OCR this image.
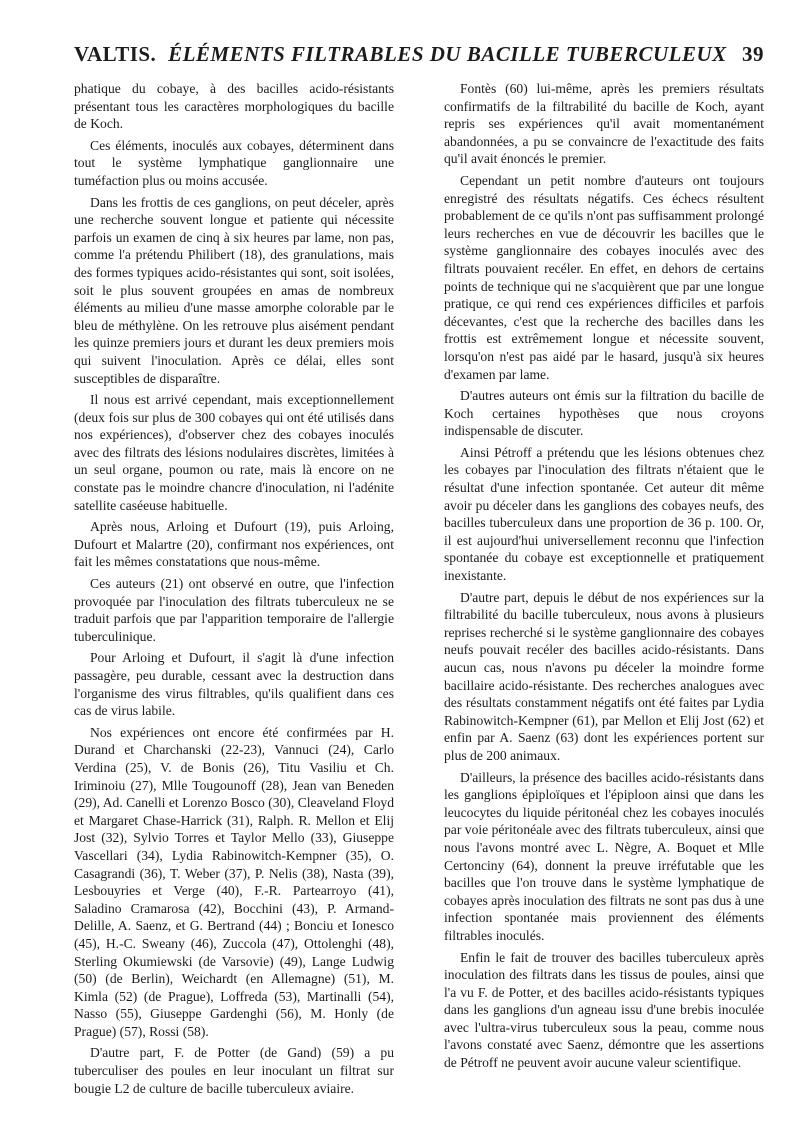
VALTIS. ÉLÉMENTS FILTRABLES DU BACILLE TUBERCULEUX 39

phatique du cobaye, à des bacilles acido-résistants présentant tous les caractères morphologiques du bacille de Koch.

Ces éléments, inoculés aux cobayes, déterminent dans tout le système lymphatique ganglionnaire une tuméfaction plus ou moins accusée.

Dans les frottis de ces ganglions, on peut déceler, après une recherche souvent longue et patiente qui nécessite parfois un examen de cinq à six heures par lame, non pas, comme l'a prétendu Philibert (18), des granulations, mais des formes typiques acido-résistantes qui sont, soit isolées, soit le plus souvent groupées en amas de nombreux éléments au milieu d'une masse amorphe colorable par le bleu de méthylène. On les retrouve plus aisément pendant les quinze premiers jours et durant les deux premiers mois qui suivent l'inoculation. Après ce délai, elles sont susceptibles de disparaître.

Il nous est arrivé cependant, mais exceptionnellement (deux fois sur plus de 300 cobayes qui ont été utilisés dans nos expériences), d'observer chez des cobayes inoculés avec des filtrats des lésions nodulaires discrètes, limitées à un seul organe, poumon ou rate, mais là encore on ne constate pas le moindre chancre d'inoculation, ni l'adénite satellite caséeuse habituelle.

Après nous, Arloing et Dufourt (19), puis Arloing, Dufourt et Malartre (20), confirmant nos expériences, ont fait les mêmes constatations que nous-même.

Ces auteurs (21) ont observé en outre, que l'infection provoquée par l'inoculation des filtrats tuberculeux ne se traduit parfois que par l'apparition temporaire de l'allergie tuberculinique.

Pour Arloing et Dufourt, il s'agit là d'une infection passagère, peu durable, cessant avec la destruction dans l'organisme des virus filtrables, qu'ils qualifient dans ces cas de virus labile.

Nos expériences ont encore été confirmées par H. Durand et Charchanski (22-23), Vannuci (24), Carlo Verdina (25), V. de Bonis (26), Titu Vasiliu et Ch. Iriminoiu (27), Mlle Tougounoff (28), Jean van Beneden (29), Ad. Canelli et Lorenzo Bosco (30), Cleaveland Floyd et Margaret Chase-Harrick (31), Ralph. R. Mellon et Elij Jost (32), Sylvio Torres et Taylor Mello (33), Giuseppe Vascellari (34), Lydia Rabinowitch-Kempner (35), O. Casagrandi (36), T. Weber (37), P. Nelis (38), Nasta (39), Lesbouyries et Verge (40), F.-R. Partearroyo (41), Saladino Cramarosa (42), Bocchini (43), P. Armand-Delille, A. Saenz, et G. Bertrand (44) ; Bonciu et Ionesco (45), H.-C. Sweany (46), Zuccola (47), Ottolenghi (48), Sterling Okumiewski (de Varsovie) (49), Lange Ludwig (50) (de Berlin), Weichardt (en Allemagne) (51), M. Kimla (52) (de Prague), Loffreda (53), Martinalli (54), Nasso (55), Giuseppe Gardenghi (56), M. Honly (de Prague) (57), Rossi (58).

D'autre part, F. de Potter (de Gand) (59) a pu tuberculiser des poules en leur inoculant un filtrat sur bougie L2 de culture de bacille tuberculeux aviaire.

Fontès (60) lui-même, après les premiers résultats confirmatifs de la filtrabilité du bacille de Koch, ayant repris ses expériences qu'il avait momentanément abandonnées, a pu se convaincre de l'exactitude des faits qu'il avait énoncés le premier.

Cependant un petit nombre d'auteurs ont toujours enregistré des résultats négatifs. Ces échecs résultent probablement de ce qu'ils n'ont pas suffisamment prolongé leurs recherches en vue de découvrir les bacilles que le système ganglionnaire des cobayes inoculés avec des filtrats pouvaient recéler. En effet, en dehors de certains points de technique qui ne s'acquièrent que par une longue pratique, ce qui rend ces expériences difficiles et parfois décevantes, c'est que la recherche des bacilles dans les frottis est extrêmement longue et nécessite souvent, lorsqu'on n'est pas aidé par le hasard, jusqu'à six heures d'examen par lame.

D'autres auteurs ont émis sur la filtration du bacille de Koch certaines hypothèses que nous croyons indispensable de discuter.

Ainsi Pétroff a prétendu que les lésions obtenues chez les cobayes par l'inoculation des filtrats n'étaient que le résultat d'une infection spontanée. Cet auteur dit même avoir pu déceler dans les ganglions des cobayes neufs, des bacilles tuberculeux dans une proportion de 36 p. 100. Or, il est aujourd'hui universellement reconnu que l'infection spontanée du cobaye est exceptionnelle et pratiquement inexistante.

D'autre part, depuis le début de nos expériences sur la filtrabilité du bacille tuberculeux, nous avons à plusieurs reprises recherché si le système ganglionnaire des cobayes neufs pouvait recéler des bacilles acido-résistants. Dans aucun cas, nous n'avons pu déceler la moindre forme bacillaire acido-résistante. Des recherches analogues avec des résultats constamment négatifs ont été faites par Lydia Rabinowitch-Kempner (61), par Mellon et Elij Jost (62) et enfin par A. Saenz (63) dont les expériences portent sur plus de 200 animaux.

D'ailleurs, la présence des bacilles acido-résistants dans les ganglions épiploïques et l'épiploon ainsi que dans les leucocytes du liquide péritonéal chez les cobayes inoculés par voie péritonéale avec des filtrats tuberculeux, ainsi que nous l'avons montré avec L. Nègre, A. Boquet et Mlle Certonciny (64), donnent la preuve irréfutable que les bacilles que l'on trouve dans le système lymphatique de cobayes après inoculation des filtrats ne sont pas dus à une infection spontanée mais proviennent des éléments filtrables inoculés.

Enfin le fait de trouver des bacilles tuberculeux après inoculation des filtrats dans les tissus de poules, ainsi que l'a vu F. de Potter, et des bacilles acido-résistants typiques dans les ganglions d'un agneau issu d'une brebis inoculée avec l'ultra-virus tuberculeux sous la peau, comme nous l'avons constaté avec Saenz, démontre que les assertions de Pétroff ne peuvent avoir aucune valeur scientifique.
